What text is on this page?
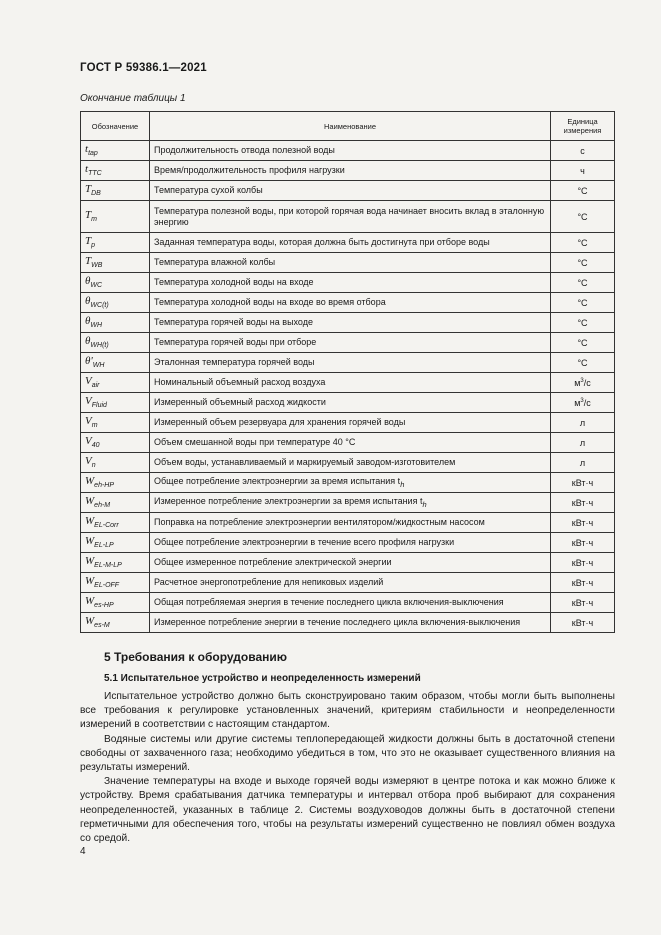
ГОСТ Р 59386.1—2021
Окончание таблицы 1
Обозначение	Наименование	Единица измерения
$t_{tap}$	Продолжительность отвода полезной воды	с
$t_{TTC}$	Время/продолжительность профиля нагрузки	ч
$T_{DB}$	Температура сухой колбы	°C
$T_m$	Температура полезной воды, при которой горячая вода начинает вносить вклад в эталонную энергию	°C
$T_p$	Заданная температура воды, которая должна быть достигнута при отборе воды	°C
$T_{WB}$	Температура влажной колбы	°C
$\theta_{WC}$	Температура холодной воды на входе	°C
$\theta_{WC(t)}$	Температура холодной воды на входе во время отбора	°C
$\theta_{WH}$	Температура горячей воды на выходе	°C
$\theta_{WH(t)}$	Температура горячей воды при отборе	°C
$\theta'_{WH}$	Эталонная температура горячей воды	°C
$V_{air}$	Номинальный объемный расход воздуха	$м^3/с$
$V_{Fluid}$	Измеренный объемный расход жидкости	$м^3/с$
$V_m$	Измеренный объем резервуара для хранения горячей воды	л
$V_{40}$	Объем смешанной воды при температуре 40 °C	л
$V_n$	Объем воды, устанавливаемый и маркируемый заводом-изготовителем	л
$W_{eh-HP}$	Общее потребление электроэнергии за время испытания $t_h$	кВт·ч
$W_{eh-M}$	Измеренное потребление электроэнергии за время испытания $t_h$	кВт·ч
$W_{EL-Corr}$	Поправка на потребление электроэнергии вентилятором/жидкостным насосом	кВт·ч
$W_{EL-LP}$	Общее потребление электроэнергии в течение всего профиля нагрузки	кВт·ч
$W_{EL-M-LP}$	Общее измеренное потребление электрической энергии	кВт·ч
$W_{EL-OFF}$	Расчетное энергопотребление для непиковых изделий	кВт·ч
$W_{es-HP}$	Общая потребляемая энергия в течение последнего цикла включения-выключения	кВт·ч
$W_{es-M}$	Измеренное потребление энергии в течение последнего цикла включения-выключения	кВт·ч
5 Требования к оборудованию
5.1 Испытательное устройство и неопределенность измерений

Испытательное устройство должно быть сконструировано таким образом, чтобы могли быть выполнены все требования к регулировке установленных значений, критериям стабильности и неопределенности измерений в соответствии с настоящим стандартом.

Водяные системы или другие системы теплопередающей жидкости должны быть в достаточной степени свободны от захваченного газа; необходимо убедиться в том, что это не оказывает существенного влияния на результаты измерений.

Значение температуры на входе и выходе горячей воды измеряют в центре потока и как можно ближе к устройству. Время срабатывания датчика температуры и интервал отбора проб выбирают для сохранения неопределенностей, указанных в таблице 2. Системы воздуховодов должны быть в достаточной степени герметичными для обеспечения того, чтобы на результаты измерений существенно не повлиял обмен воздуха со средой.

4
